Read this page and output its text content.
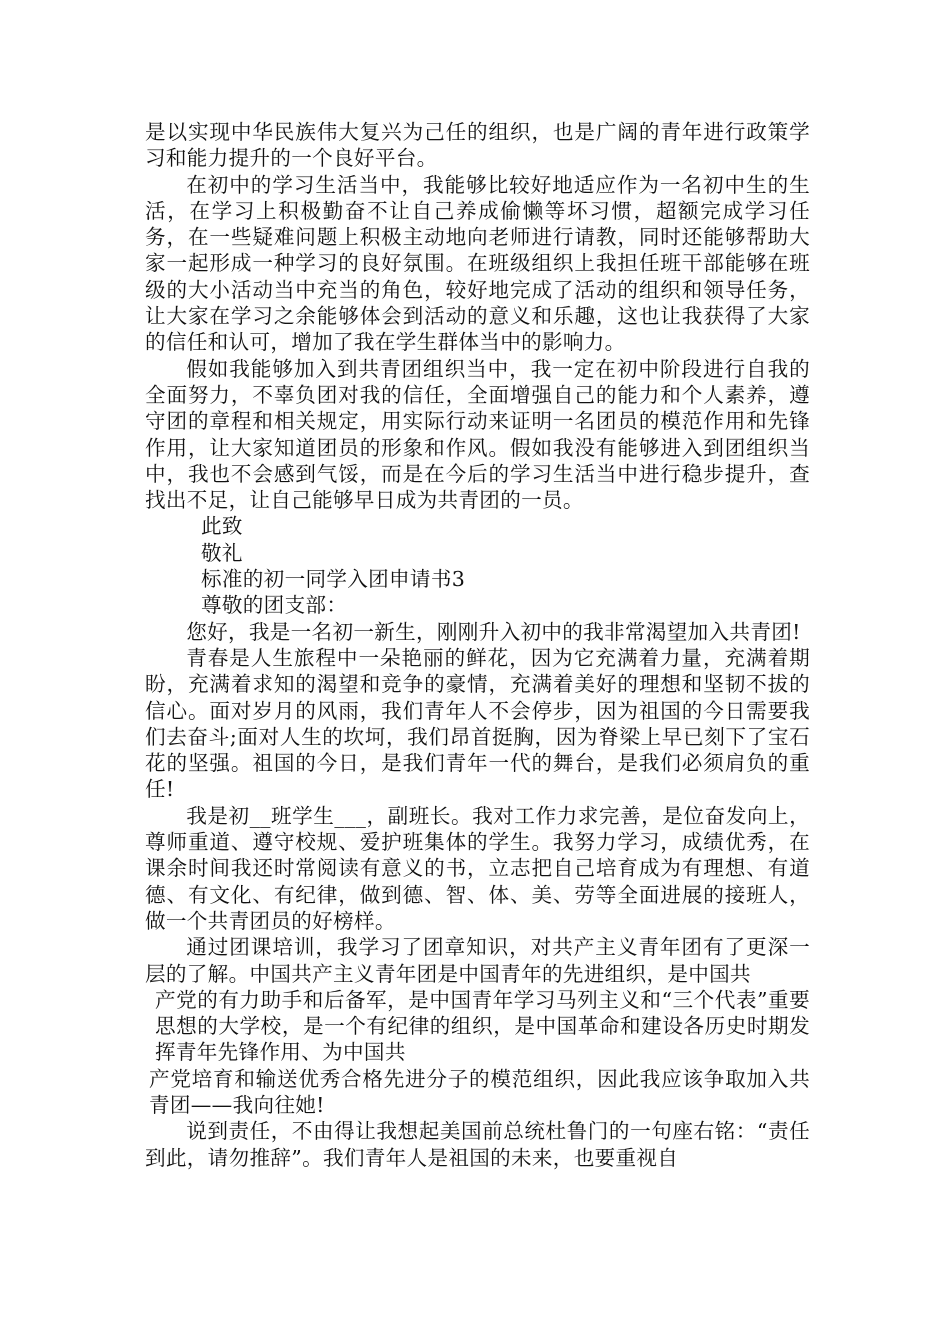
是以实现中华民族伟大复兴为己任的组织，也是广阔的青年进行政策学习和能力提升的一个良好平台。

在初中的学习生活当中，我能够比较好地适应作为一名初中生的生活，在学习上积极勤奋不让自己养成偷懒等坏习惯，超额完成学习任务，在一些疑难问题上积极主动地向老师进行请教，同时还能够帮助大家一起形成一种学习的良好氛围。在班级组织上我担任班干部能够在班级的大小活动当中充当的角色，较好地完成了活动的组织和领导任务，让大家在学习之余能够体会到活动的意义和乐趣，这也让我获得了大家的信任和认可，增加了我在学生群体当中的影响力。

假如我能够加入到共青团组织当中，我一定在初中阶段进行自我的全面努力，不辜负团对我的信任，全面增强自己的能力和个人素养，遵守团的章程和相关规定，用实际行动来证明一名团员的模范作用和先锋作用，让大家知道团员的形象和作风。假如我没有能够进入到团组织当中，我也不会感到气馁，而是在今后的学习生活当中进行稳步提升，查找出不足，让自己能够早日成为共青团的一员。

此致

敬礼

标准的初一同学入团申请书3

尊敬的团支部：

您好，我是一名初一新生，刚刚升入初中的我非常渴望加入共青团!

青春是人生旅程中一朵艳丽的鲜花，因为它充满着力量，充满着期盼，充满着求知的渴望和竞争的豪情，充满着美好的理想和坚韧不拔的信心。面对岁月的风雨，我们青年人不会停步，因为祖国的今日需要我们去奋斗;面对人生的坎坷，我们昂首挺胸，因为脊梁上早已刻下了宝石花的坚强。祖国的今日，是我们青年一代的舞台，是我们必须肩负的重任!

我是初__班学生___，副班长。我对工作力求完善，是位奋发向上，尊师重道、遵守校规、爱护班集体的学生。我努力学习，成绩优秀，在课余时间我还时常阅读有意义的书，立志把自己培育成为有理想、有道德、有文化、有纪律，做到德、智、体、美、劳等全面进展的接班人，做一个共青团员的好榜样。

通过团课培训，我学习了团章知识，对共产主义青年团有了更深一层的了解。中国共产主义青年团是中国青年的先进组织，是中国共

产党的有力助手和后备军，是中国青年学习马列主义和“三个代表”重要思想的大学校，是一个有纪律的组织，是中国革命和建设各历史时期发挥青年先锋作用、为中国共

产党培育和输送优秀合格先进分子的模范组织，因此我应该争取加入共青团——我向往她!

说到责任，不由得让我想起美国前总统杜鲁门的一句座右铭：“责任到此，请勿推辞”。我们青年人是祖国的未来，也要重视自
